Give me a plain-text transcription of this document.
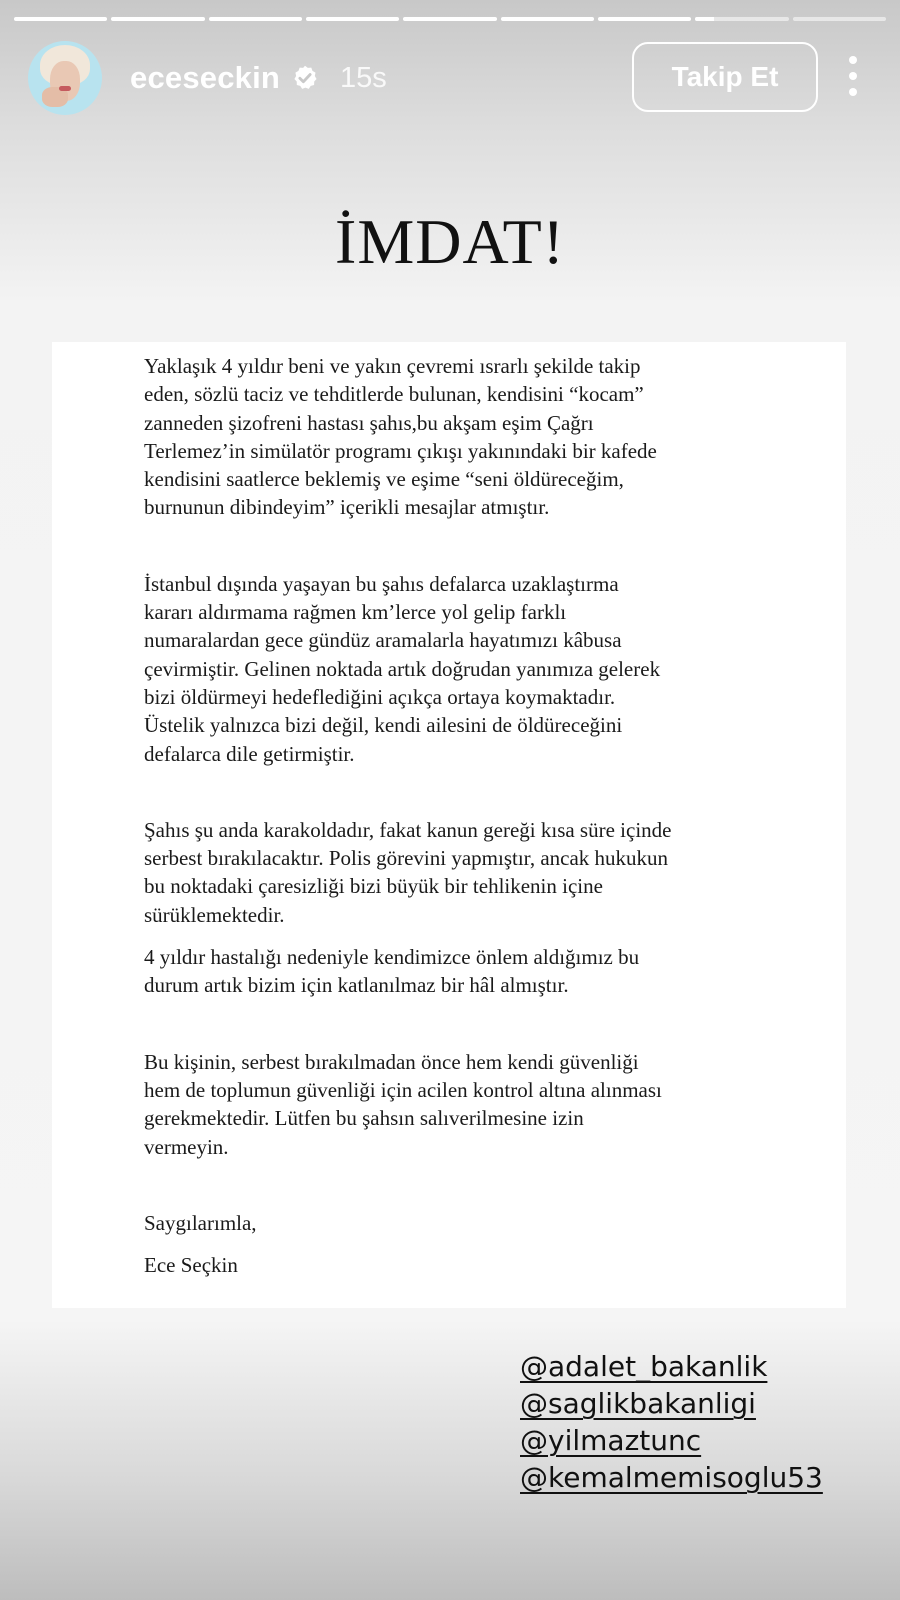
eceseckin 15s	Takip Et
İMDAT!
Yaklaşık 4 yıldır beni ve yakın çevremi ısrarlı şekilde takip
eden, sözlü taciz ve tehditlerde bulunan, kendisini “kocam”
zanneden şizofreni hastası şahıs,bu akşam eşim Çağrı
Terlemez’in simülatör programı çıkışı yakınındaki bir kafede
kendisini saatlerce beklemiş ve eşime “seni öldüreceğim,
burnunun dibindeyim” içerikli mesajlar atmıştır.
İstanbul dışında yaşayan bu şahıs defalarca uzaklaştırma
kararı aldırmama rağmen km’lerce yol gelip farklı
numaralardan gece gündüz aramalarla hayatımızı kâbusa
çevirmiştir. Gelinen noktada artık doğrudan yanımıza gelerek
bizi öldürmeyi hedeflediğini açıkça ortaya koymaktadır.
Üstelik yalnızca bizi değil, kendi ailesini de öldüreceğini
defalarca dile getirmiştir.
Şahıs şu anda karakoldadır, fakat kanun gereği kısa süre içinde
serbest bırakılacaktır. Polis görevini yapmıştır, ancak hukukun
bu noktadaki çaresizliği bizi büyük bir tehlikenin içine
sürüklemektedir.
4 yıldır hastalığı nedeniyle kendimizce önlem aldığımız bu
durum artık bizim için katlanılmaz bir hâl almıştır.
Bu kişinin, serbest bırakılmadan önce hem kendi güvenliği
hem de toplumun güvenliği için acilen kontrol altına alınması
gerekmektedir. Lütfen bu şahsın salıverilmesine izin
vermeyin.
Saygılarımla,
Ece Seçkin
@adalet_bakanlik
@saglikbakanligi
@yilmaztunc
@kemalmemisoglu53
